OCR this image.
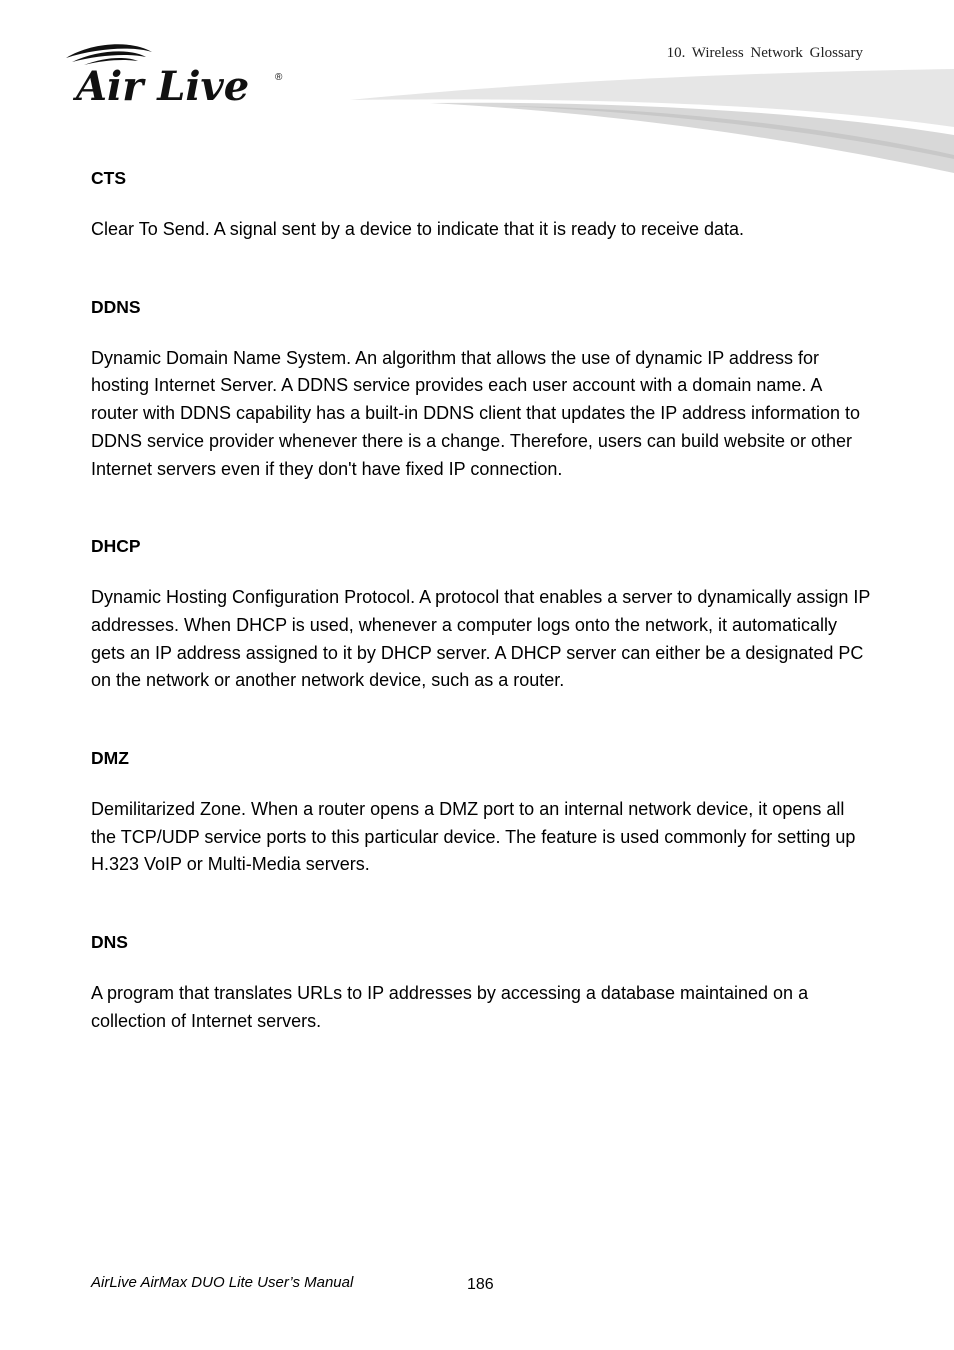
Air Live	®
10. Wireless Network Glossary

CTS

Clear To Send. A signal sent by a device to indicate that it is ready to receive data.

DDNS

Dynamic Domain Name System. An algorithm that allows the use of dynamic IP address for hosting Internet Server. A DDNS service provides each user account with a domain name. A router with DDNS capability has a built-in DDNS client that updates the IP address information to DDNS service provider whenever there is a change. Therefore, users can build website or other Internet servers even if they don't have fixed IP connection.

DHCP

Dynamic Hosting Configuration Protocol. A protocol that enables a server to dynamically assign IP addresses. When DHCP is used, whenever a computer logs onto the network, it automatically gets an IP address assigned to it by DHCP server. A DHCP server can either be a designated PC on the network or another network device, such as a router.

DMZ

Demilitarized Zone. When a router opens a DMZ port to an internal network device, it opens all the TCP/UDP service ports to this particular device. The feature is used commonly for setting up H.323 VoIP or Multi-Media servers.

DNS

A program that translates URLs to IP addresses by accessing a database maintained on a collection of Internet servers.

AirLive AirMax DUO Lite User’s Manual	186
